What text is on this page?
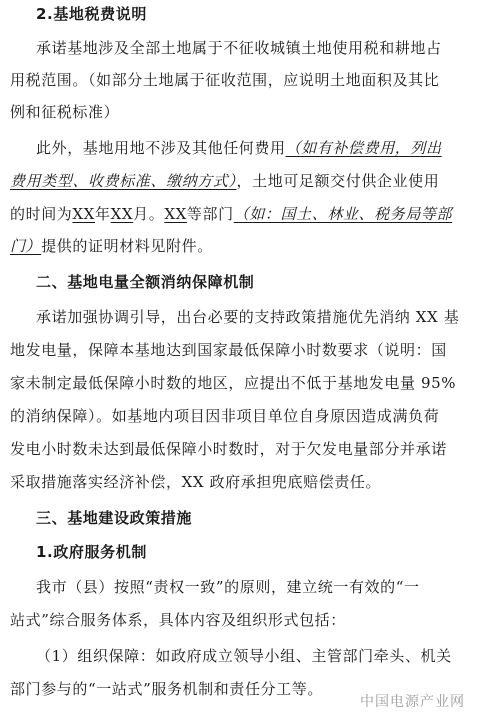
2.基地税费说明
承诺基地涉及全部土地属于不征收城镇土地使用税和耕地占
用税范围。（如部分土地属于征收范围，应说明土地面积及其比
例和征税标准）
此外，基地用地不涉及其他任何费用（如有补偿费用，列出
费用类型、收费标准、缴纳方式），土地可足额交付供企业使用
的时间为XX年XX月。XX等部门（如：国土、林业、税务局等部
门）提供的证明材料见附件。
二、基地电量全额消纳保障机制
承诺加强协调引导，出台必要的支持政策措施优先消纳 XX 基
地发电量，保障本基地达到国家最低保障小时数要求（说明：国
家未制定最低保障小时数的地区，应提出不低于基地发电量 95%
的消纳保障）。如基地内项目因非项目单位自身原因造成满负荷
发电小时数未达到最低保障小时数时，对于欠发电量部分并承诺
采取措施落实经济补偿，XX 政府承担兜底赔偿责任。
三、基地建设政策措施
1.政府服务机制
我市（县）按照“责权一致”的原则，建立统一有效的“一
站式”综合服务体系，具体内容及组织形式包括：
（1）组织保障：如政府成立领导小组、主管部门牵头、机关
部门参与的“一站式”服务机制和责任分工等。
中国电源产业网
